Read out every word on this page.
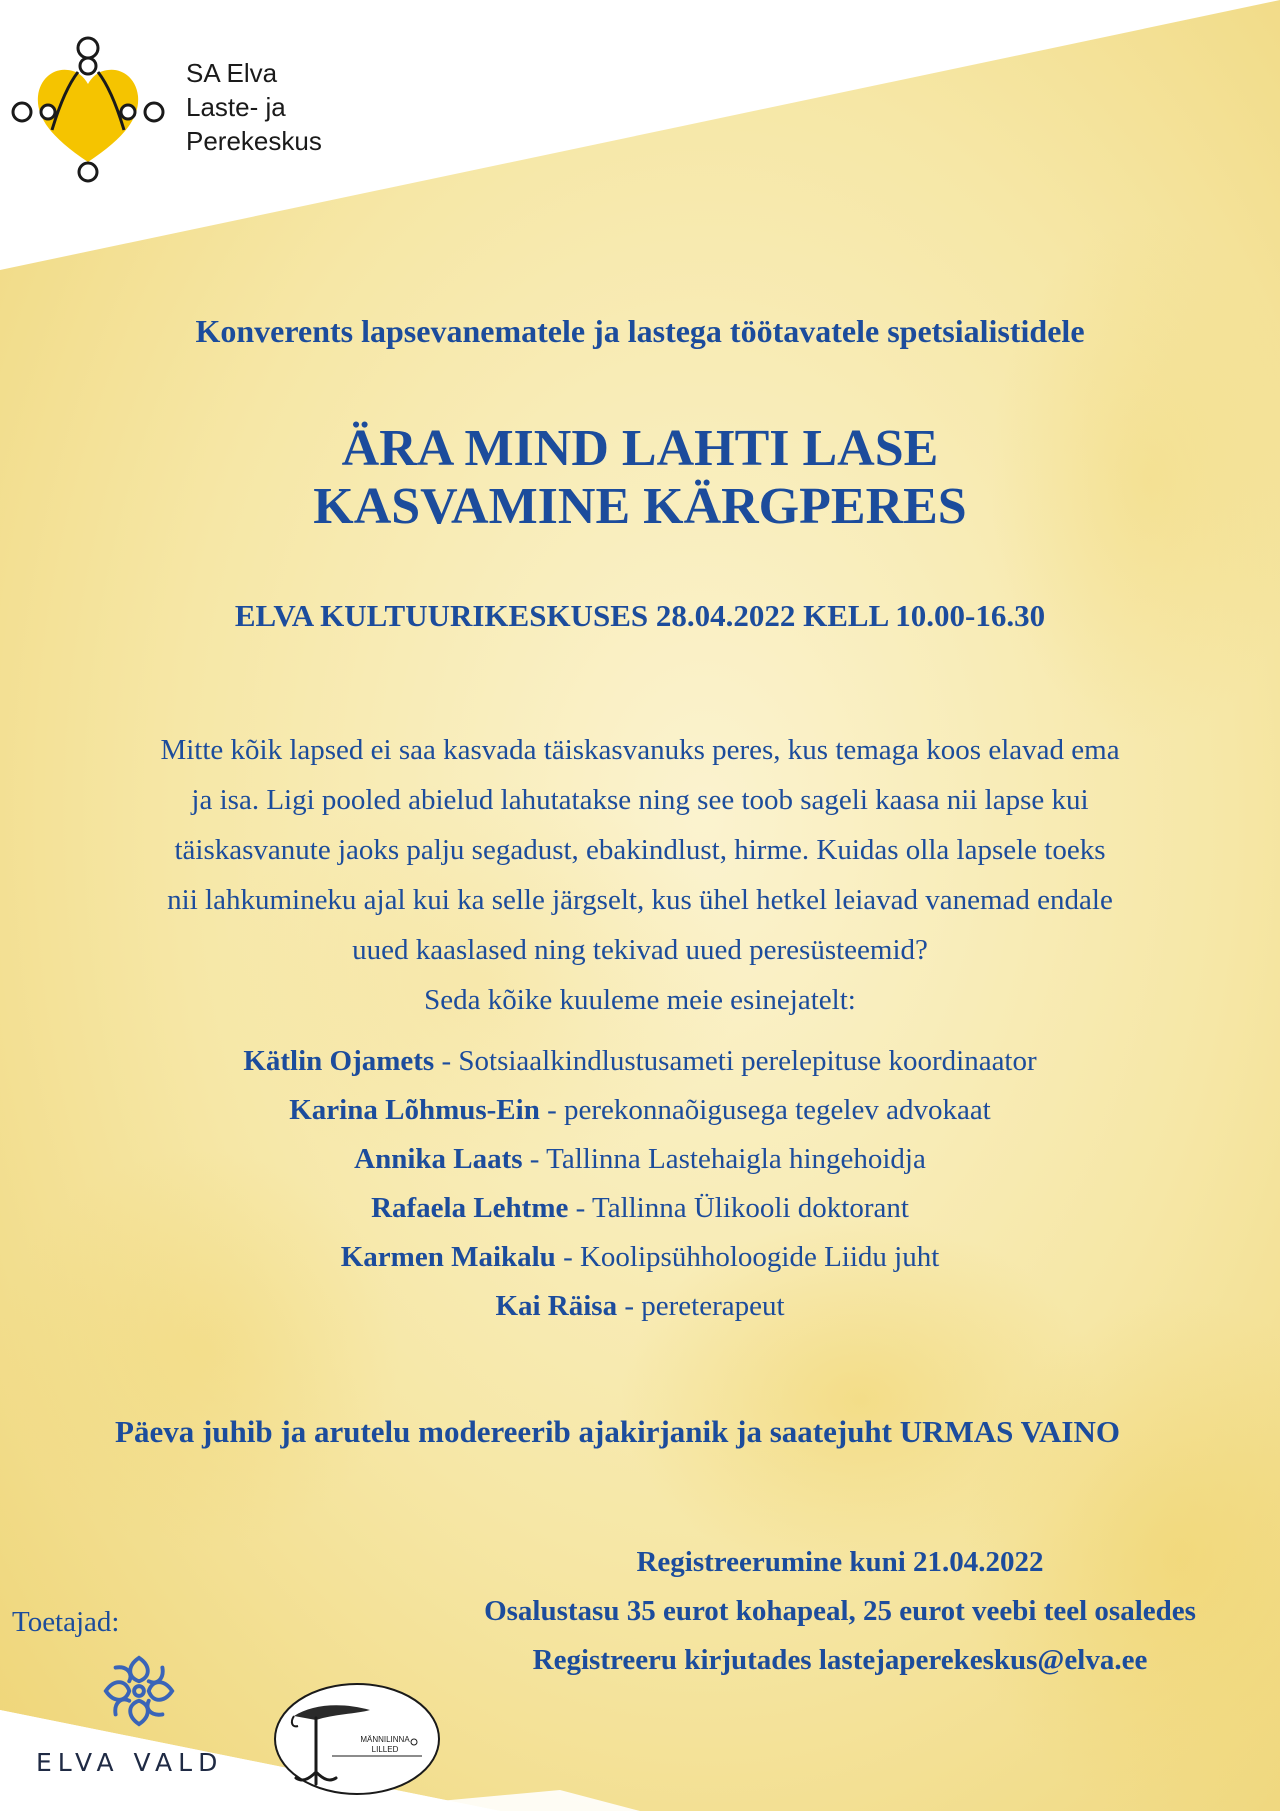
SA Elva
Laste- ja
Perekeskus
Konverents lapsevanematele ja lastega töötavatele spetsialistidele
ÄRA MIND LAHTI LASE
KASVAMINE KÄRGPERES
ELVA KULTUURIKESKUSES 28.04.2022 KELL 10.00-16.30
Mitte kõik lapsed ei saa kasvada täiskasvanuks peres, kus temaga koos elavad ema
ja isa. Ligi pooled abielud lahutatakse ning see toob sageli kaasa nii lapse kui
täiskasvanute jaoks palju segadust, ebakindlust, hirme. Kuidas olla lapsele toeks
nii lahkumineku ajal kui ka selle järgselt, kus ühel hetkel leiavad vanemad endale
uued kaaslased ning tekivad uued peresüsteemid?
Seda kõike kuuleme meie esinejatelt:
Kätlin Ojamets - Sotsiaalkindlustusameti perelepituse koordinaator
Karina Lõhmus-Ein - perekonnaõigusega tegelev advokaat
Annika Laats - Tallinna Lastehaigla hingehoidja
Rafaela Lehtme - Tallinna Ülikooli doktorant
Karmen Maikalu - Koolipsühholoogide Liidu juht
Kai Räisa - pereterapeut
Päeva juhib ja arutelu modereerib ajakirjanik ja saatejuht URMAS VAINO
Registreerumine kuni 21.04.2022
Osalustasu 35 eurot kohapeal, 25 eurot veebi teel osaledes
Registreeru kirjutades lastejaperekeskus@elva.ee
Toetajad:
ELVA VALD
MÄNNILINNA
LILLED
